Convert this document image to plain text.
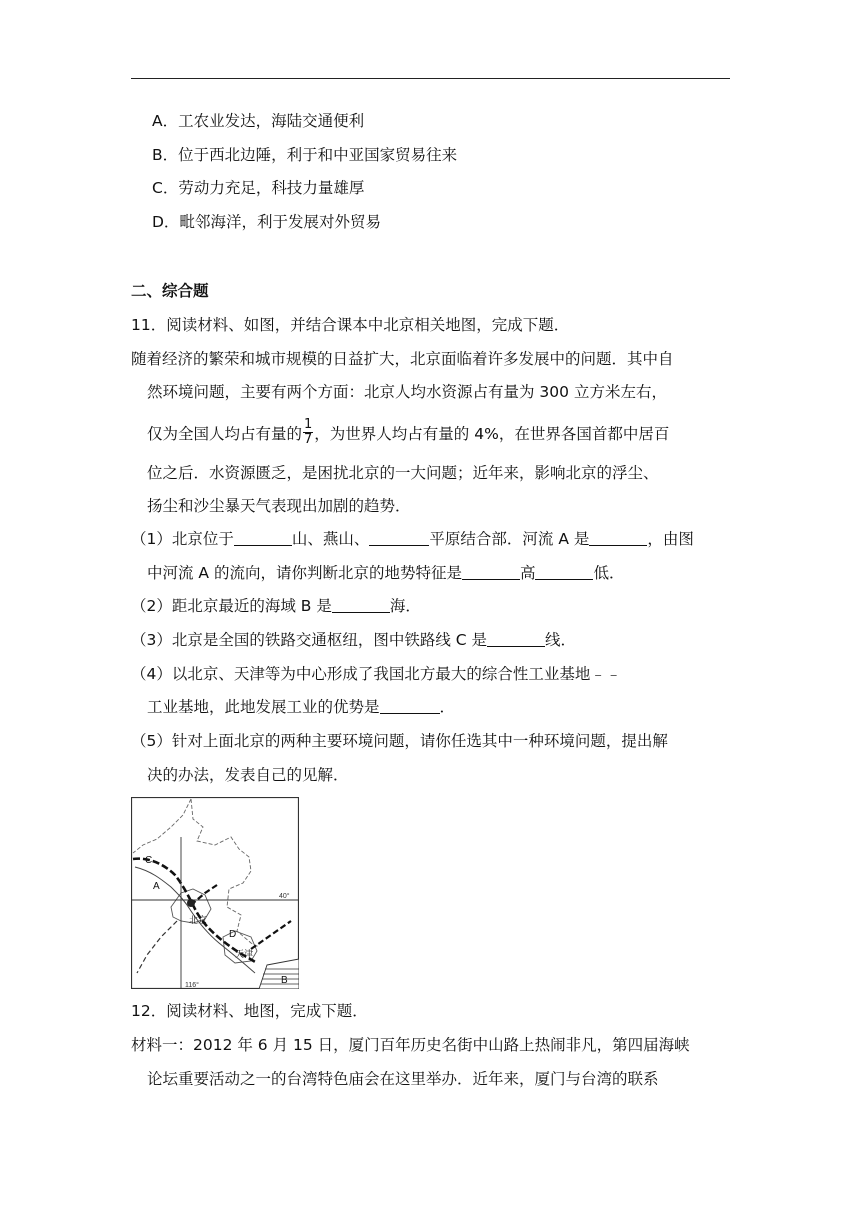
A．工农业发达，海陆交通便利
B．位于西北边陲，利于和中亚国家贸易往来
C．劳动力充足，科技力量雄厚
D．毗邻海洋，利于发展对外贸易
二、综合题
11．阅读材料、如图，并结合课本中北京相关地图，完成下题．
随着经济的繁荣和城市规模的日益扩大，北京面临着许多发展中的问题．其中自
然环境问题，主要有两个方面：北京人均水资源占有量为 300 立方米左右，
仅为全国人均占有量的 $\frac{1}{7}$ ，为世界人均占有量的 4%，在世界各国首都中居百
位之后．水资源匮乏，是困扰北京的一大问题；近年来，影响北京的浮尘、
扬尘和沙尘暴天气表现出加剧的趋势．
（1）北京位于	山、燕山、	平原结合部．河流 A 是	，由图
中河流 A 的流向，请你判断北京的地势特征是	高	低．
（2）距北京最近的海域 B 是	海．
（3）北京是全国的铁路交通枢纽，图中铁路线 C 是	线．
（4）以北京、天津等为中心形成了我国北方最大的综合性工业基地﹣﹣
工业基地，此地发展工业的优势是	．
（5）针对上面北京的两种主要环境问题，请你任选其中一种环境问题，提出解
决的办法，发表自己的见解．
C
A
北京
D
天津
B
40°
116°
12．阅读材料、地图，完成下题．
材料一：2012 年 6 月 15 日，厦门百年历史名街中山路上热闹非凡，第四届海峡
论坛重要活动之一的台湾特色庙会在这里举办．近年来，厦门与台湾的联系
